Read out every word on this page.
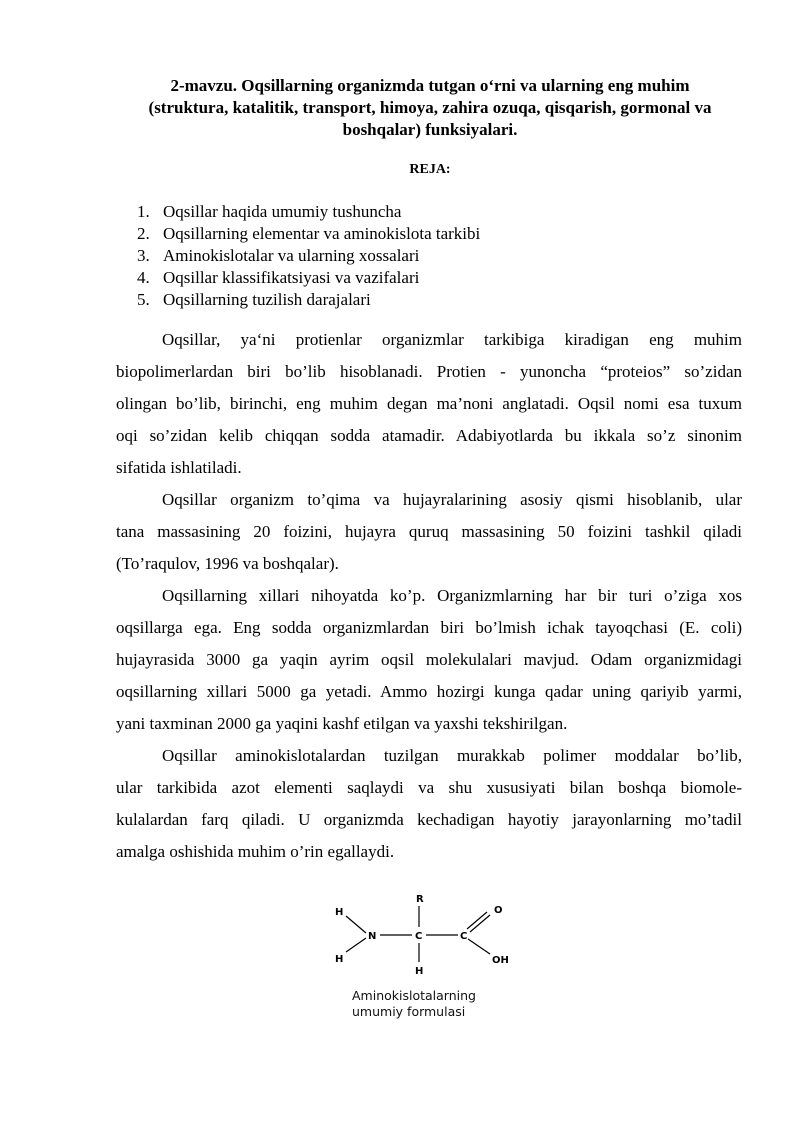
2-mavzu. Oqsillarning organizmda tutgan o‘rni va ularning eng muhim
(struktura, katalitik, transport, himoya, zahira ozuqa, qisqarish, gormonal va
boshqalar) funksiyalari.
REJA:
1. Oqsillar haqida umumiy tushuncha
2. Oqsillarning elementar va aminokislota tarkibi
3. Aminokislotalar va ularning xossalari
4. Oqsillar klassifikatsiyasi va vazifalari
5. Oqsillarning tuzilish darajalari

Oqsillar, ya‘ni protienlar organizmlar tarkibiga kiradigan eng muhim
biopolimerlardan biri bo’lib hisoblanadi. Protien - yunoncha “proteios” so’zidan
olingan bo’lib, birinchi, eng muhim degan ma’noni anglatadi. Oqsil nomi esa tuxum
oqi so’zidan kelib chiqqan sodda atamadir. Adabiyotlarda bu ikkala so’z sinonim
sifatida ishlatiladi.

Oqsillar organizm to’qima va hujayralarining asosiy qismi hisoblanib, ular
tana massasining 20 foizini, hujayra quruq massasining 50 foizini tashkil qiladi
(To’raqulov, 1996 va boshqalar).

Oqsillarning xillari nihoyatda ko’p. Organizmlarning har bir turi o’ziga xos
oqsillarga ega. Eng sodda organizmlardan biri bo’lmish ichak tayoqchasi (E. coli)
hujayrasida 3000 ga yaqin ayrim oqsil molekulalari mavjud. Odam organizmidagi
oqsillarning xillari 5000 ga yetadi. Ammo hozirgi kunga qadar uning qariyib yarmi,
yani taxminan 2000 ga yaqini kashf etilgan va yaxshi tekshirilgan.

Oqsillar aminokislotalardan tuzilgan murakkab polimer moddalar bo’lib,
ular tarkibida azot elementi saqlaydi va shu xususiyati bilan boshqa biomole-
kulalardan farq qiladi. U organizmda kechadigan hayotiy jarayonlarning mo’tadil
amalga oshishida muhim o’rin egallaydi.

H
H
N	C	C
R
H
O
OH
Aminokislotalarning
umumiy formulasi
